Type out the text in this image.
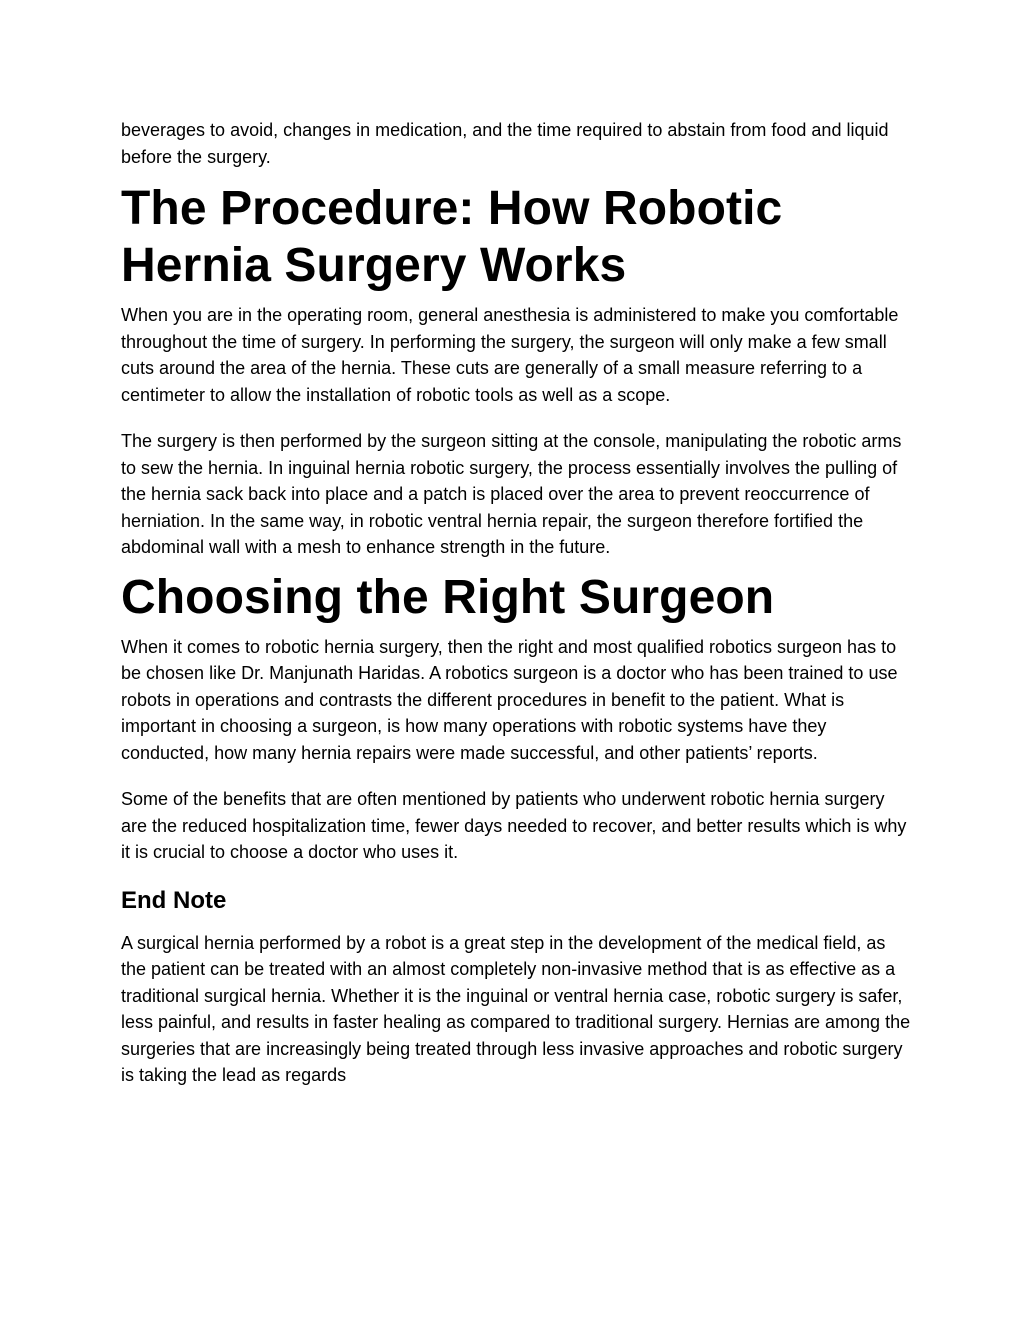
beverages to avoid, changes in medication, and the time required to abstain from food and liquid before the surgery.

The Procedure: How Robotic Hernia Surgery Works

When you are in the operating room, general anesthesia is administered to make you comfortable throughout the time of surgery. In performing the surgery, the surgeon will only make a few small cuts around the area of the hernia. These cuts are generally of a small measure referring to a centimeter to allow the installation of robotic tools as well as a scope.

The surgery is then performed by the surgeon sitting at the console, manipulating the robotic arms to sew the hernia. In inguinal hernia robotic surgery, the process essentially involves the pulling of the hernia sack back into place and a patch is placed over the area to prevent reoccurrence of herniation. In the same way, in robotic ventral hernia repair, the surgeon therefore fortified the abdominal wall with a mesh to enhance strength in the future.

Choosing the Right Surgeon

When it comes to robotic hernia surgery, then the right and most qualified robotics surgeon has to be chosen like Dr. Manjunath Haridas. A robotics surgeon is a doctor who has been trained to use robots in operations and contrasts the different procedures in benefit to the patient. What is important in choosing a surgeon, is how many operations with robotic systems have they conducted, how many hernia repairs were made successful, and other patients’ reports.

Some of the benefits that are often mentioned by patients who underwent robotic hernia surgery are the reduced hospitalization time, fewer days needed to recover, and better results which is why it is crucial to choose a doctor who uses it.

End Note

A surgical hernia performed by a robot is a great step in the development of the medical field, as the patient can be treated with an almost completely non-invasive method that is as effective as a traditional surgical hernia. Whether it is the inguinal or ventral hernia case, robotic surgery is safer, less painful, and results in faster healing as compared to traditional surgery. Hernias are among the surgeries that are increasingly being treated through less invasive approaches and robotic surgery is taking the lead as regards
